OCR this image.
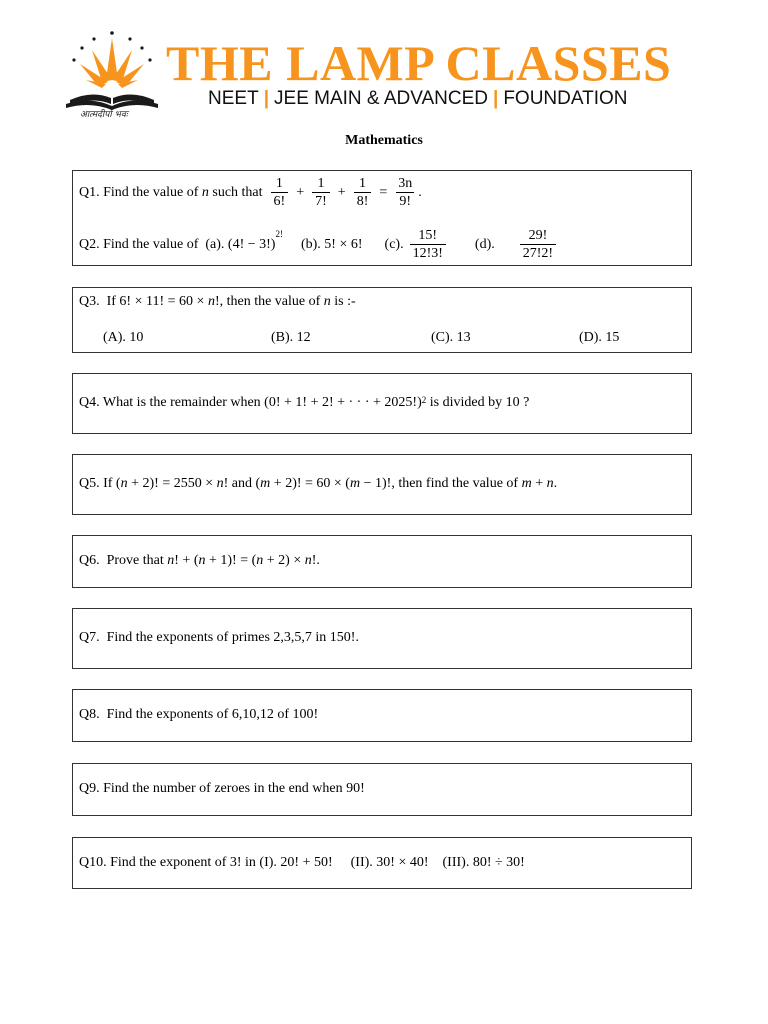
THE LAMP CLASSES
NEET | JEE MAIN & ADVANCED | FOUNDATION
आत्मदीपो भवः
Mathematics
Q1. Find the value of n such that $\frac{1}{6!} + \frac{1}{7!} + \frac{1}{8!} = \frac{3n}{9!}$ .
Q2. Find the value of (a).
(4! − 3!)
$^{2!}$
(b).
5! × 6! (c). $\frac{15!}{12!3!} (d)$. $\frac{29!}{27!2!}$
Q3.  If 6! × 11! = 60 × n !, then the value of n is :-
(A). 10	(B). 12	(C). 13	(D). 15
Q4. What is the remainder when (0! + 1! + 2! + · · · + 2025!)$^2$ is divided by 10 ?
Q5. If ( n + 2)! = 2550 × n ! and ( m + 2)! = 60 × ( m − 1)!, then find the value of m + n .
Q6.  Prove that n ! + ( n + 1)! = ( n + 2) × n !.
Q7.  Find the exponents of primes 2,3,5,7 in 150!.
Q8.  Find the exponents of 6,10,12 of 100!
Q9. Find the number of zeroes in the end when 90!
Q10. Find the exponent of 3! in (I). 20! + 50! (II). 30! × 40! (III). 80! ÷ 30!
